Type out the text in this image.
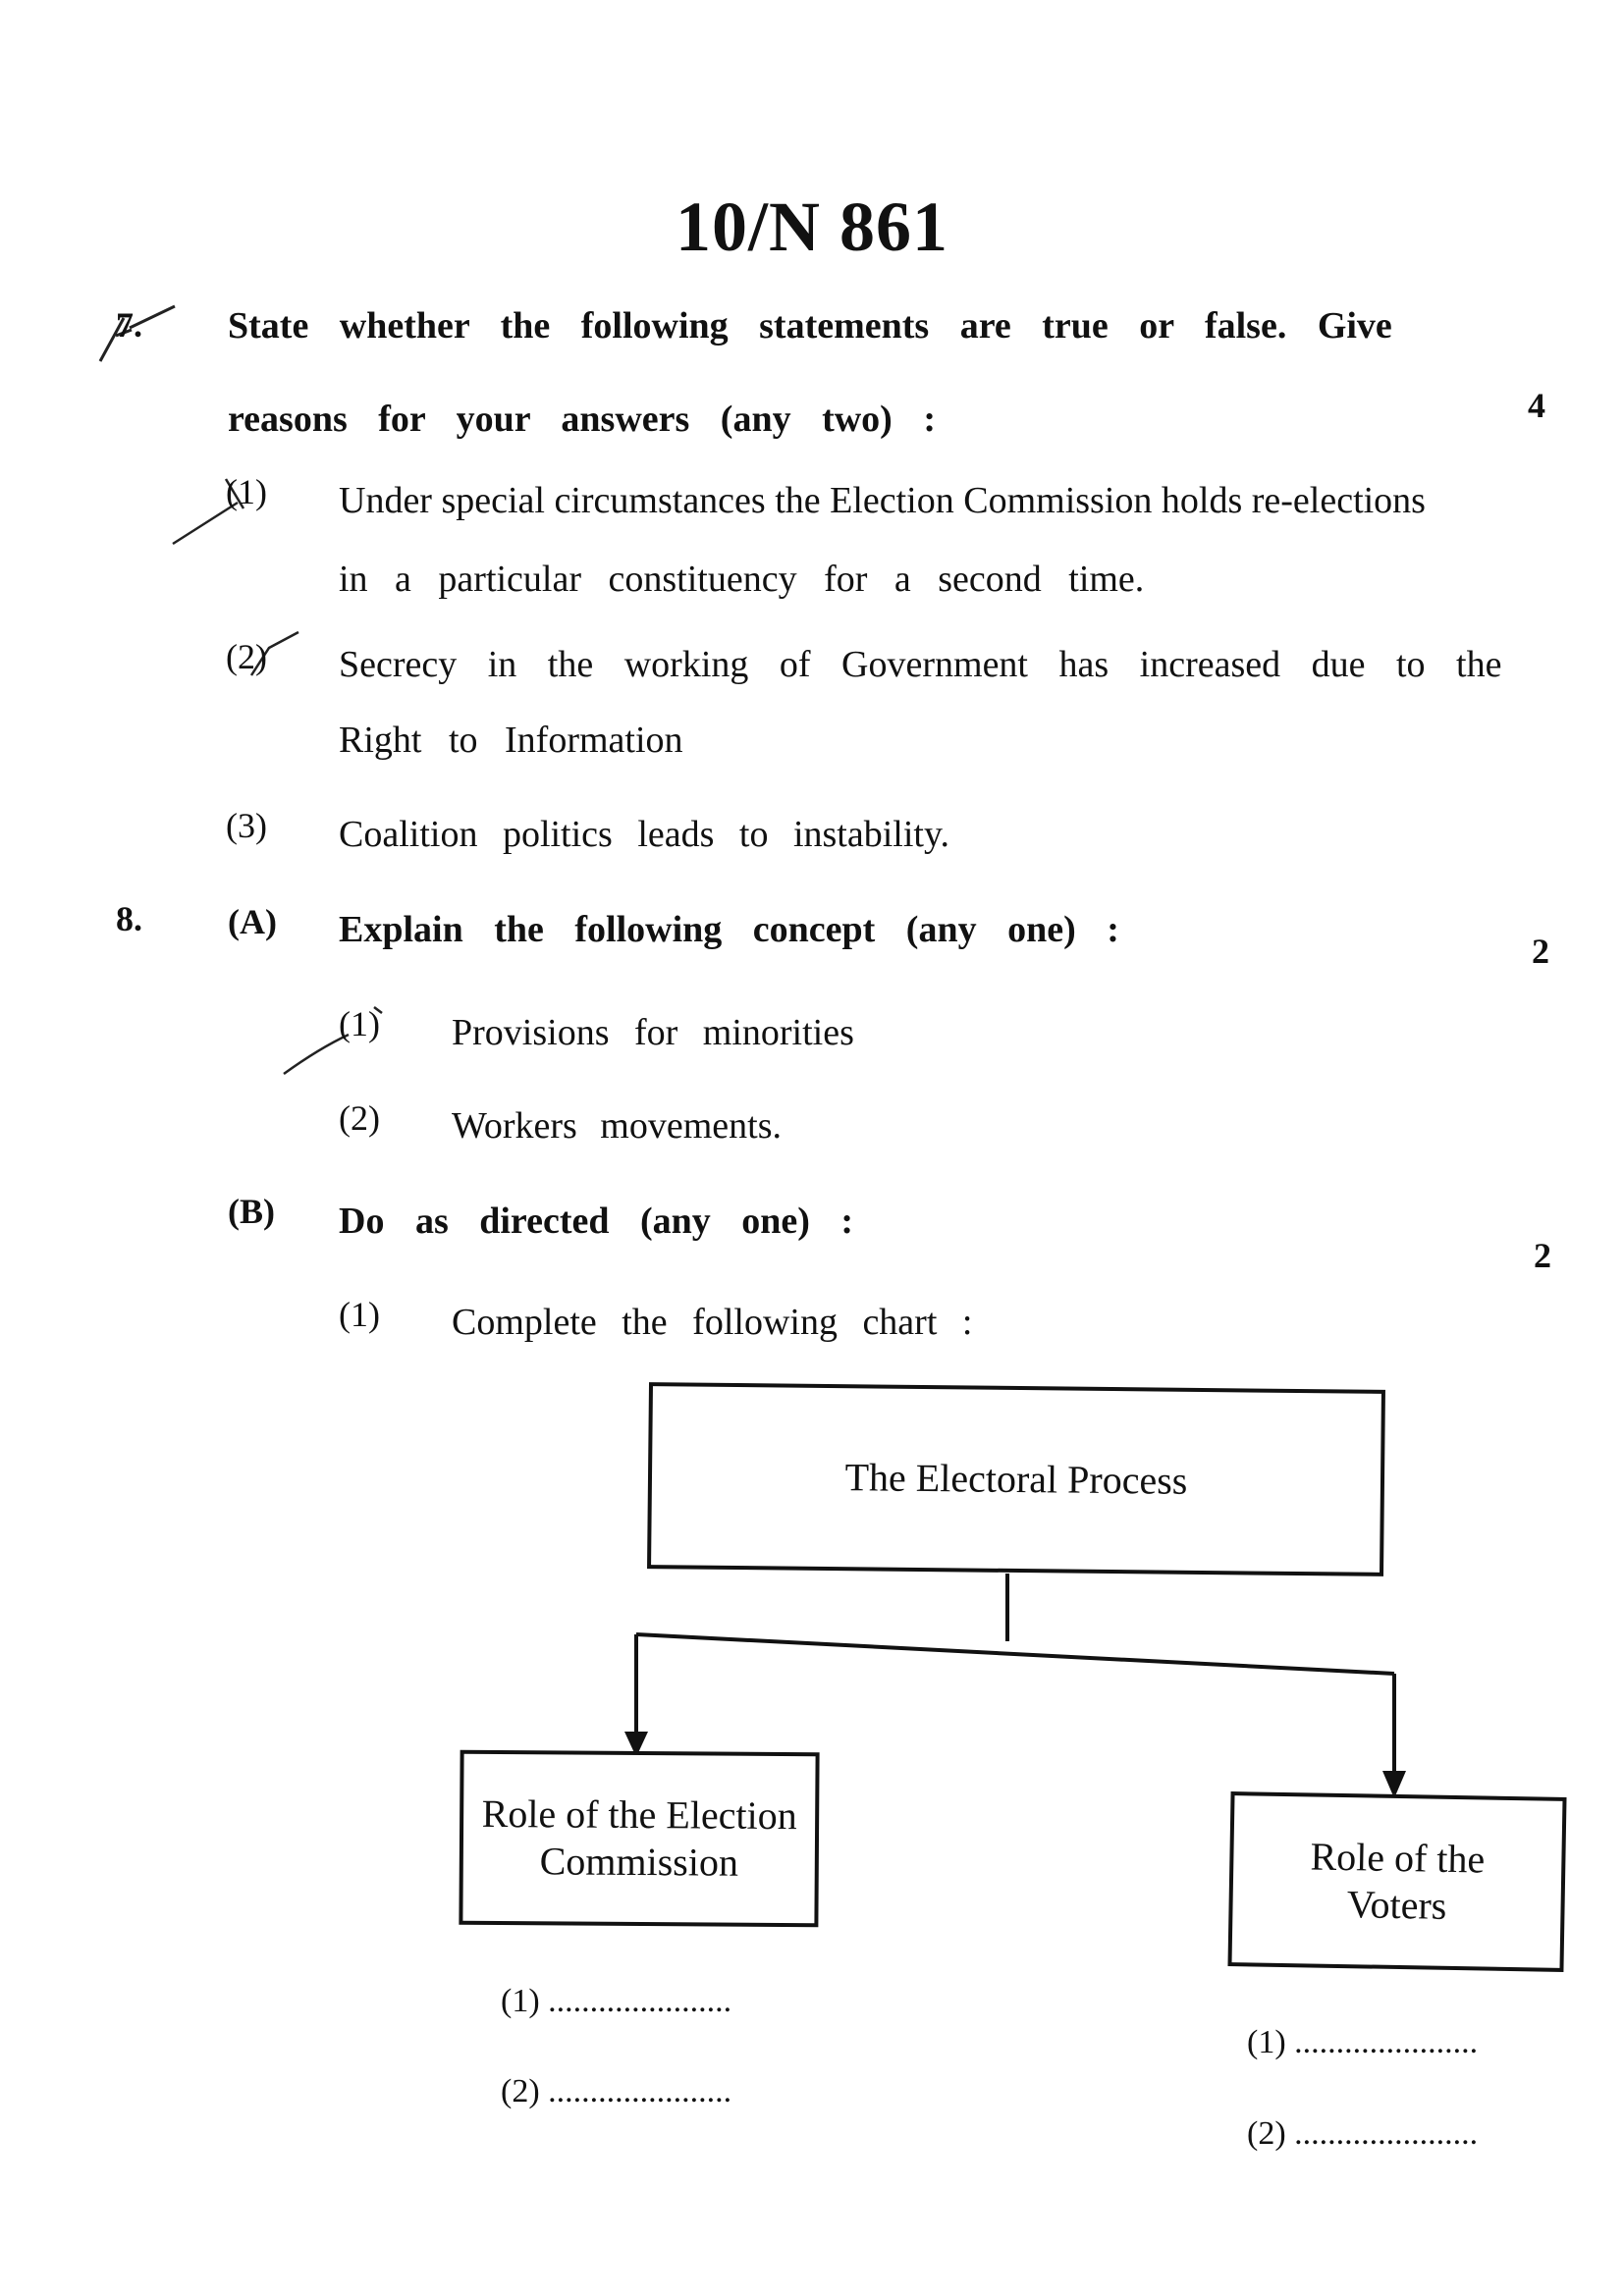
10/N 861
7. State whether the following statements are true or false. Give
reasons for your answers (any two) :	4
(1) Under special circumstances the Election Commission holds re-elections
in a particular constituency for a second time.
(2) Secrecy in the working of Government has increased due to the
Right to Information
(3) Coalition politics leads to instability.
8. (A) Explain the following concept (any one) :
2
(1) Provisions for minorities
(2) Workers movements.
(B) Do as directed (any one) :
2
(1) Complete the following chart :
The Electoral Process
Role of the Election Commission	Role of the Voters
(1) ......................
(2) ......................
(1) ......................
(2) ......................
